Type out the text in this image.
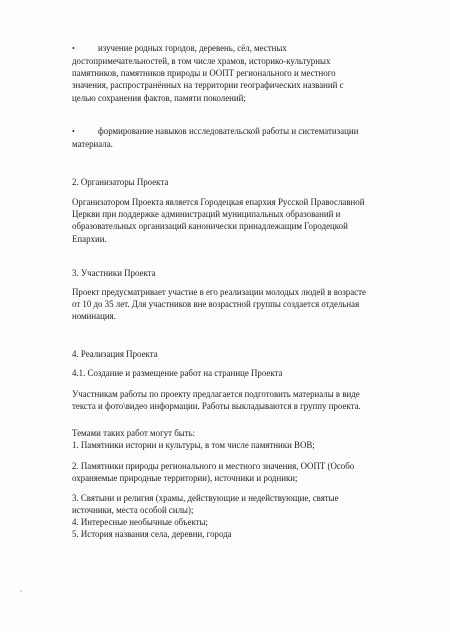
•	изучение родных городов, деревень, сёл, местных

достопримечательностей, в том числе храмов, историко-культурных
памятников, памятников природы и ООПТ регионального и местного
значения, распространённых на территории географических названий с
целью сохранения фактов, памяти поколений;

•	формирование навыков исследовательской работы и систематизации

материала.

2. Организаторы Проекта

Организатором Проекта является Городецкая епархия Русской Православной
Церкви при поддержке администраций муниципальных образований и
образовательных организаций канонически принадлежащим Городецкой
Епархии.

3. Участники Проекта

Проект предусматривает участие в его реализации молодых людей в возрасте
от 10 до 35 лет. Для участников вне возрастной группы создается отдельная
номинация.

4. Реализация Проекта

4.1. Создание и размещение работ на странице Проекта

Участникам работы по проекту предлагается подготовить материалы в виде
текста и фото\видео информации. Работы выкладываются в группу проекта.

Темами таких работ могут быть:

1. Памятники истории и культуры, в том числе памятники ВОВ;

2. Памятники природы регионального и местного значения, ООПТ (Особо
охраняемые природные территории), источники и родники;

3. Святыни и религия (храмы, действующие и недействующие, святые
источники, места особой силы);

4. Интересные необычные объекты;

5. История названия села, деревни, города
